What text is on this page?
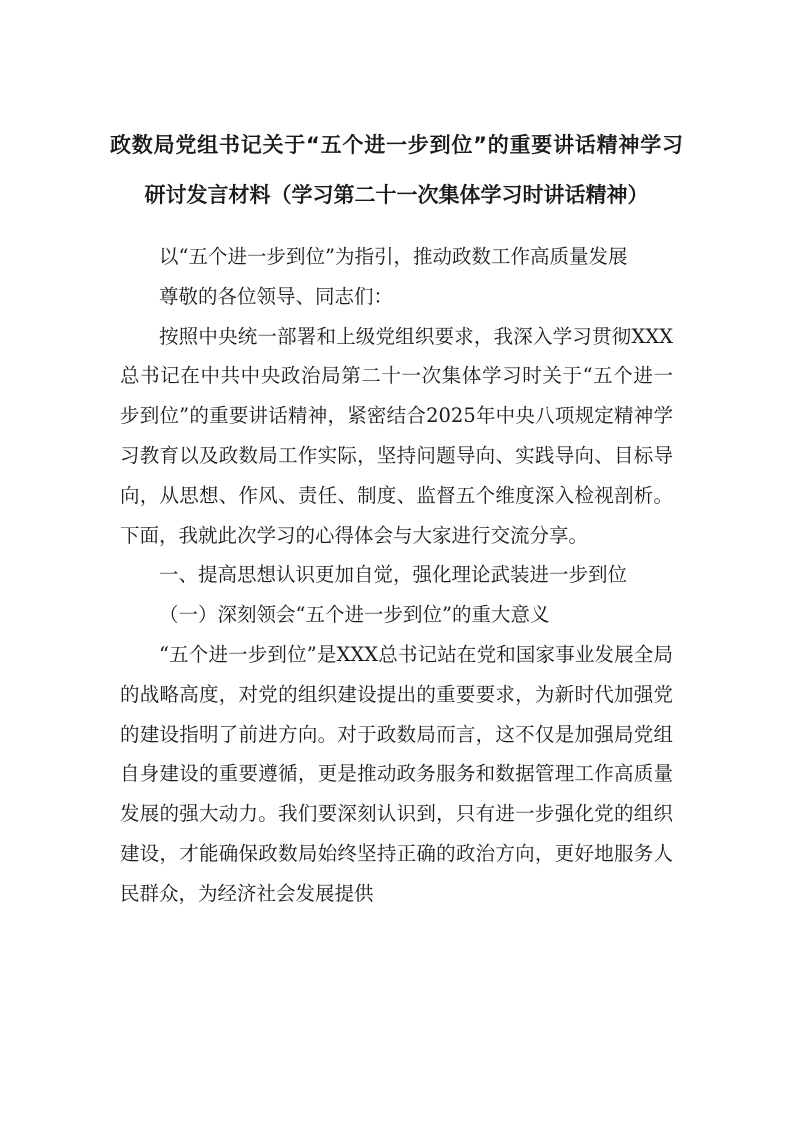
政数局党组书记关于“五个进一步到位”的重要讲话精神学习研讨发言材料（学习第二十一次集体学习时讲话精神）

以“五个进一步到位”为指引，推动政数工作高质量发展

尊敬的各位领导、同志们：

按照中央统一部署和上级党组织要求，我深入学习贯彻XXX总书记在中共中央政治局第二十一次集体学习时关于“五个进一步到位”的重要讲话精神，紧密结合2025年中央八项规定精神学习教育以及政数局工作实际，坚持问题导向、实践导向、目标导向，从思想、作风、责任、制度、监督五个维度深入检视剖析。下面，我就此次学习的心得体会与大家进行交流分享。

一、提高思想认识更加自觉，强化理论武装进一步到位

（一）深刻领会“五个进一步到位”的重大意义

“五个进一步到位”是XXX总书记站在党和国家事业发展全局的战略高度，对党的组织建设提出的重要要求，为新时代加强党的建设指明了前进方向。对于政数局而言，这不仅是加强局党组自身建设的重要遵循，更是推动政务服务和数据管理工作高质量发展的强大动力。我们要深刻认识到，只有进一步强化党的组织建设，才能确保政数局始终坚持正确的政治方向，更好地服务人民群众，为经济社会发展提供
